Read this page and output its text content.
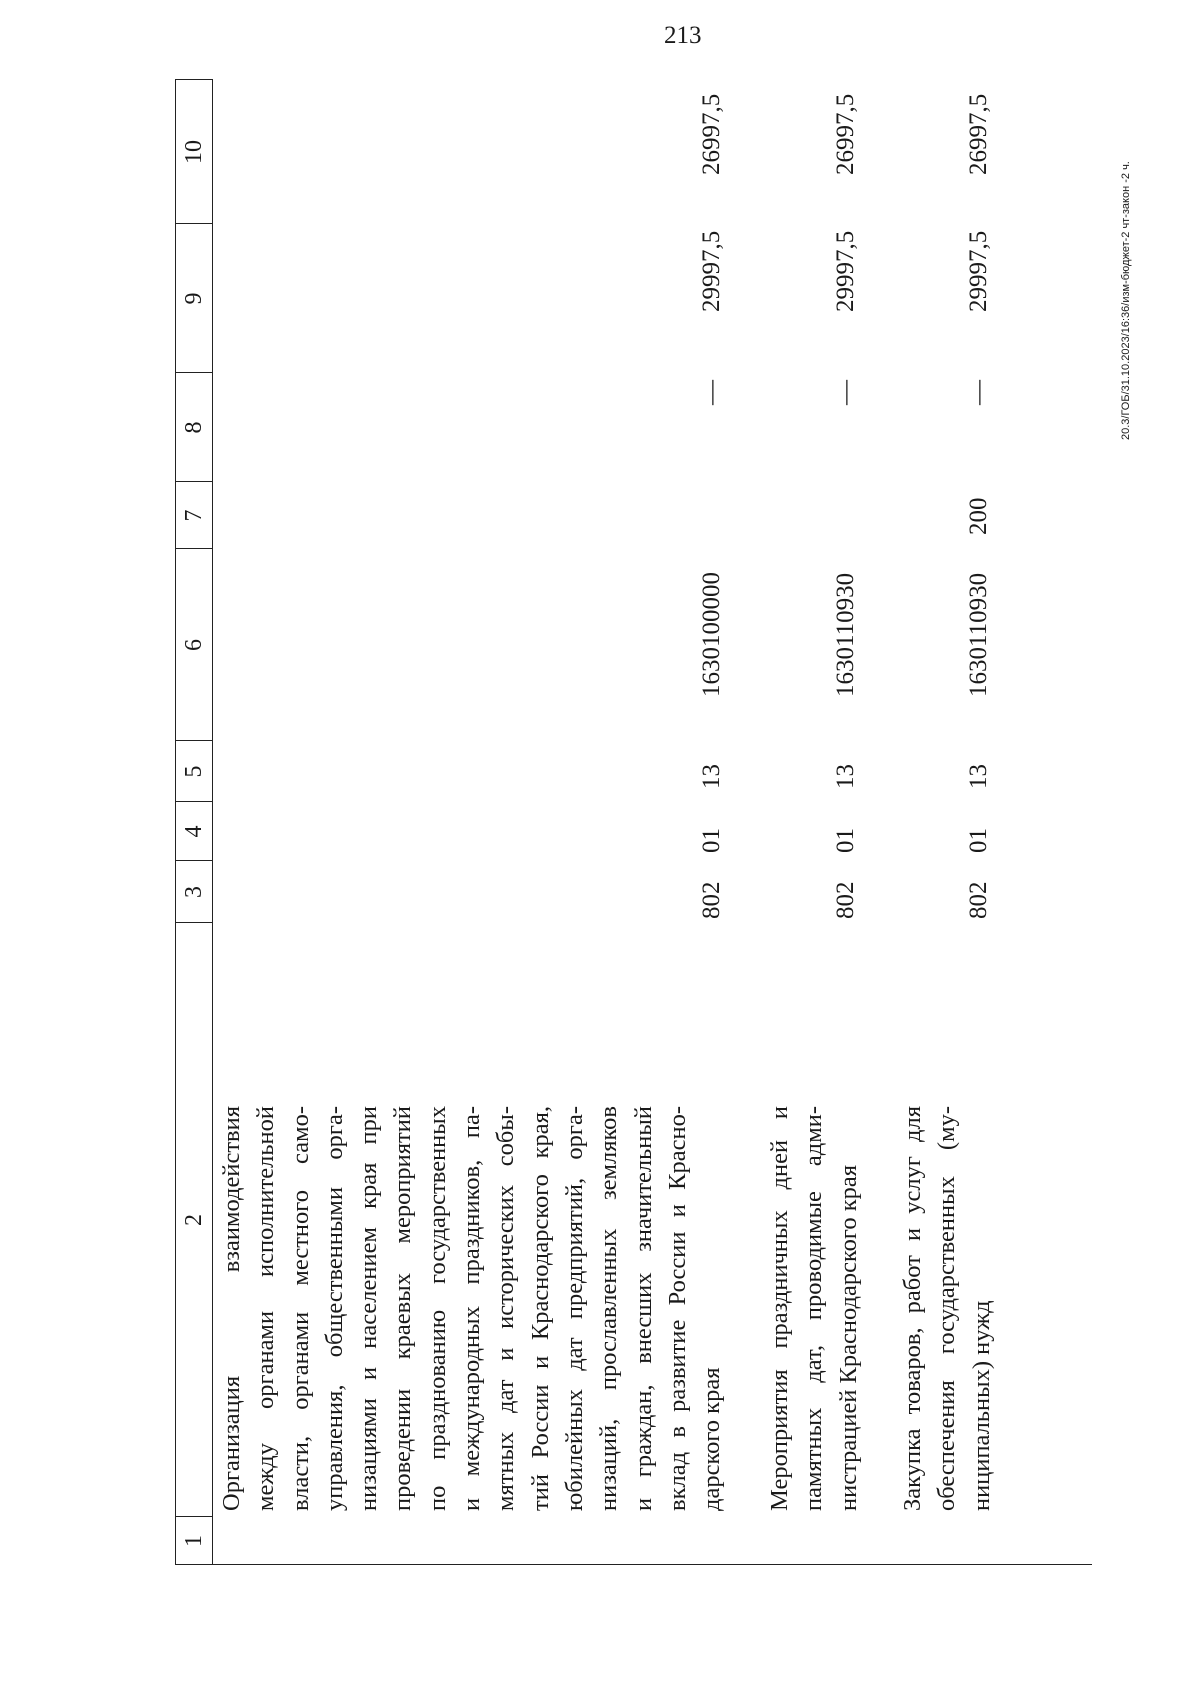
213
1
2
3
4
5
6
7
8
9
10
Организация взаимодействия между органами исполнительной власти, органами местного само- управления, общественными орга- низациями и населением края при проведении краевых мероприятий по празднованию государственных и международных праздников, па- мятных дат и исторических собы- тий России и Краснодарского края, юбилейных дат предприятий, орга- низаций, прославленных земляков и граждан, внесших значительный вклад в развитие России и Красно- дарского края
802
01
13
1630100000
—
29997,5
26997,5
Мероприятия праздничных дней и памятных дат, проводимые адми- нистрацией Краснодарского края
802
01
13
1630110930
—
29997,5
26997,5
Закупка товаров, работ и услуг для обеспечения государственных (му- ниципальных) нужд
802
01
13
1630110930
200
—
29997,5
26997,5
20.3/ГОБ/31.10.2023/16:36/изм-бюджет-2 чт-закон -2 ч.
